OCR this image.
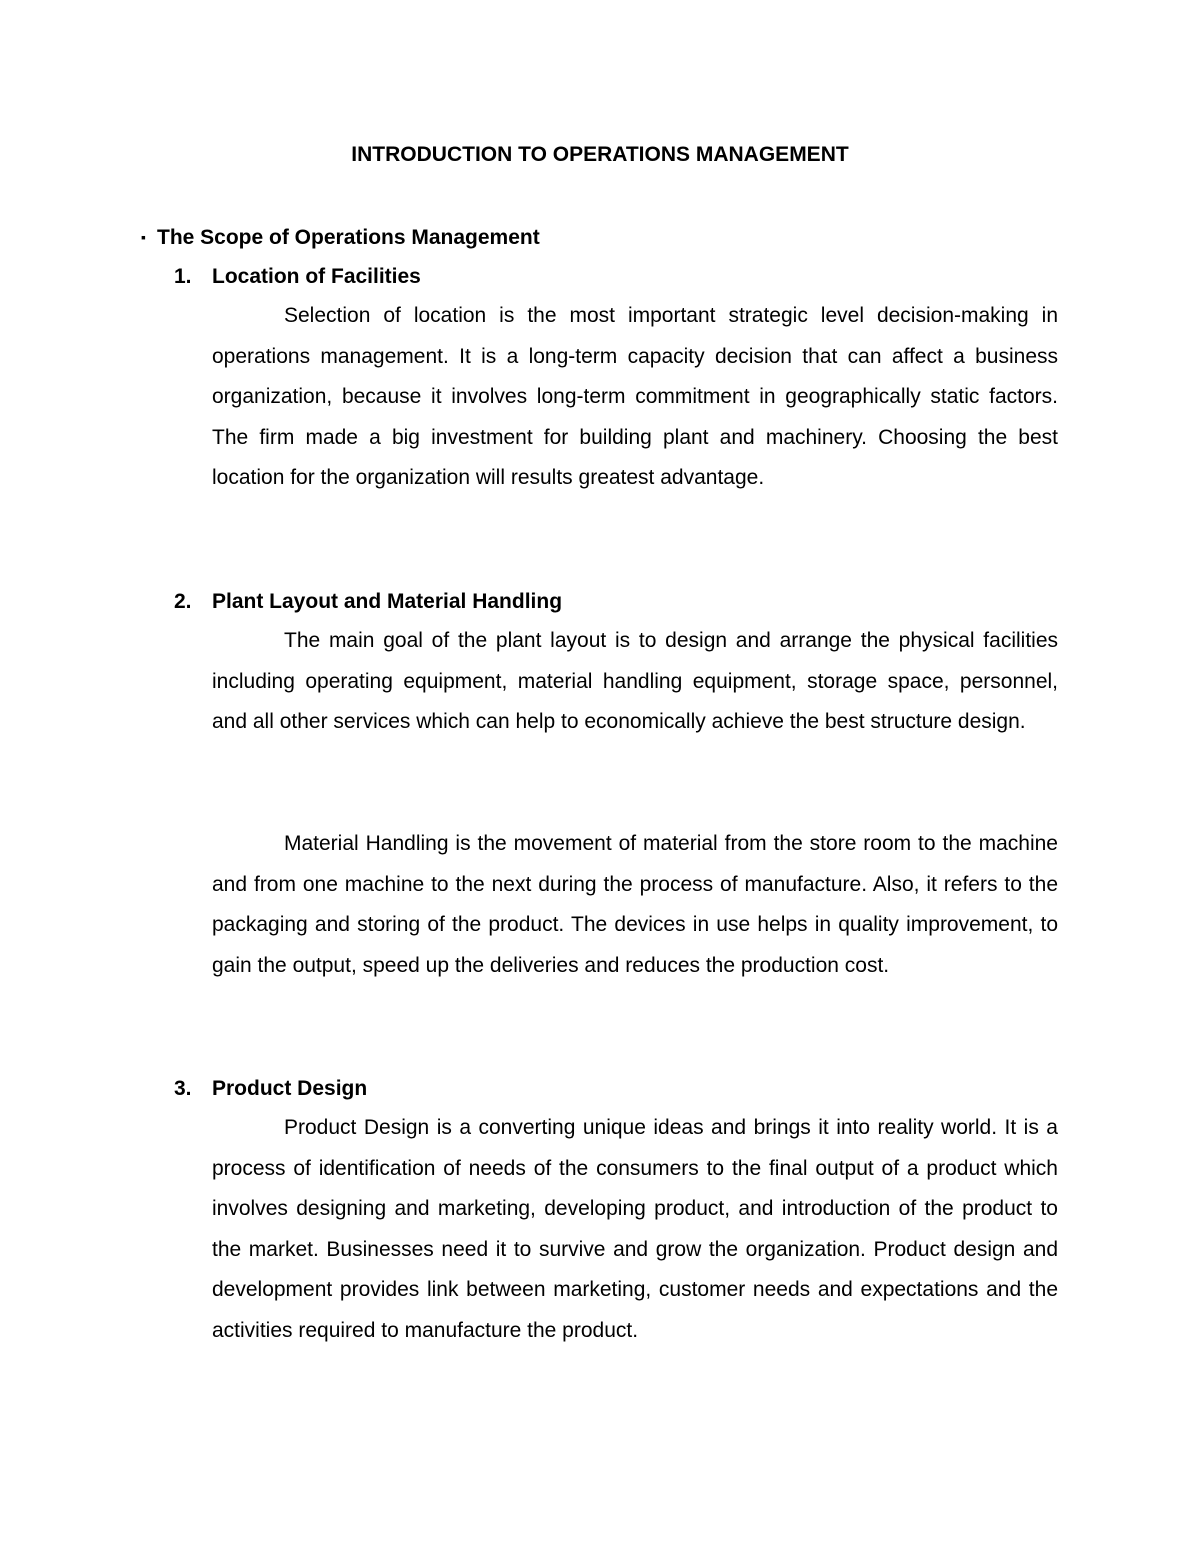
INTRODUCTION TO OPERATIONS MANAGEMENT
▪ The Scope of Operations Management
1. Location of Facilities

Selection of location is the most important strategic level decision-making in operations management. It is a long-term capacity decision that can affect a business organization, because it involves long-term commitment in geographically static factors. The firm made a big investment for building plant and machinery. Choosing the best location for the organization will results greatest advantage.

2. Plant Layout and Material Handling

The main goal of the plant layout is to design and arrange the physical facilities including operating equipment, material handling equipment, storage space, personnel, and all other services which can help to economically achieve the best structure design.

Material Handling is the movement of material from the store room to the machine and from one machine to the next during the process of manufacture. Also, it refers to the packaging and storing of the product. The devices in use helps in quality improvement, to gain the output, speed up the deliveries and reduces the production cost.

3. Product Design

Product Design is a converting unique ideas and brings it into reality world. It is a process of identification of needs of the consumers to the final output of a product which involves designing and marketing, developing product, and introduction of the product to the market. Businesses need it to survive and grow the organization. Product design and development provides link between marketing, customer needs and expectations and the activities required to manufacture the product.
